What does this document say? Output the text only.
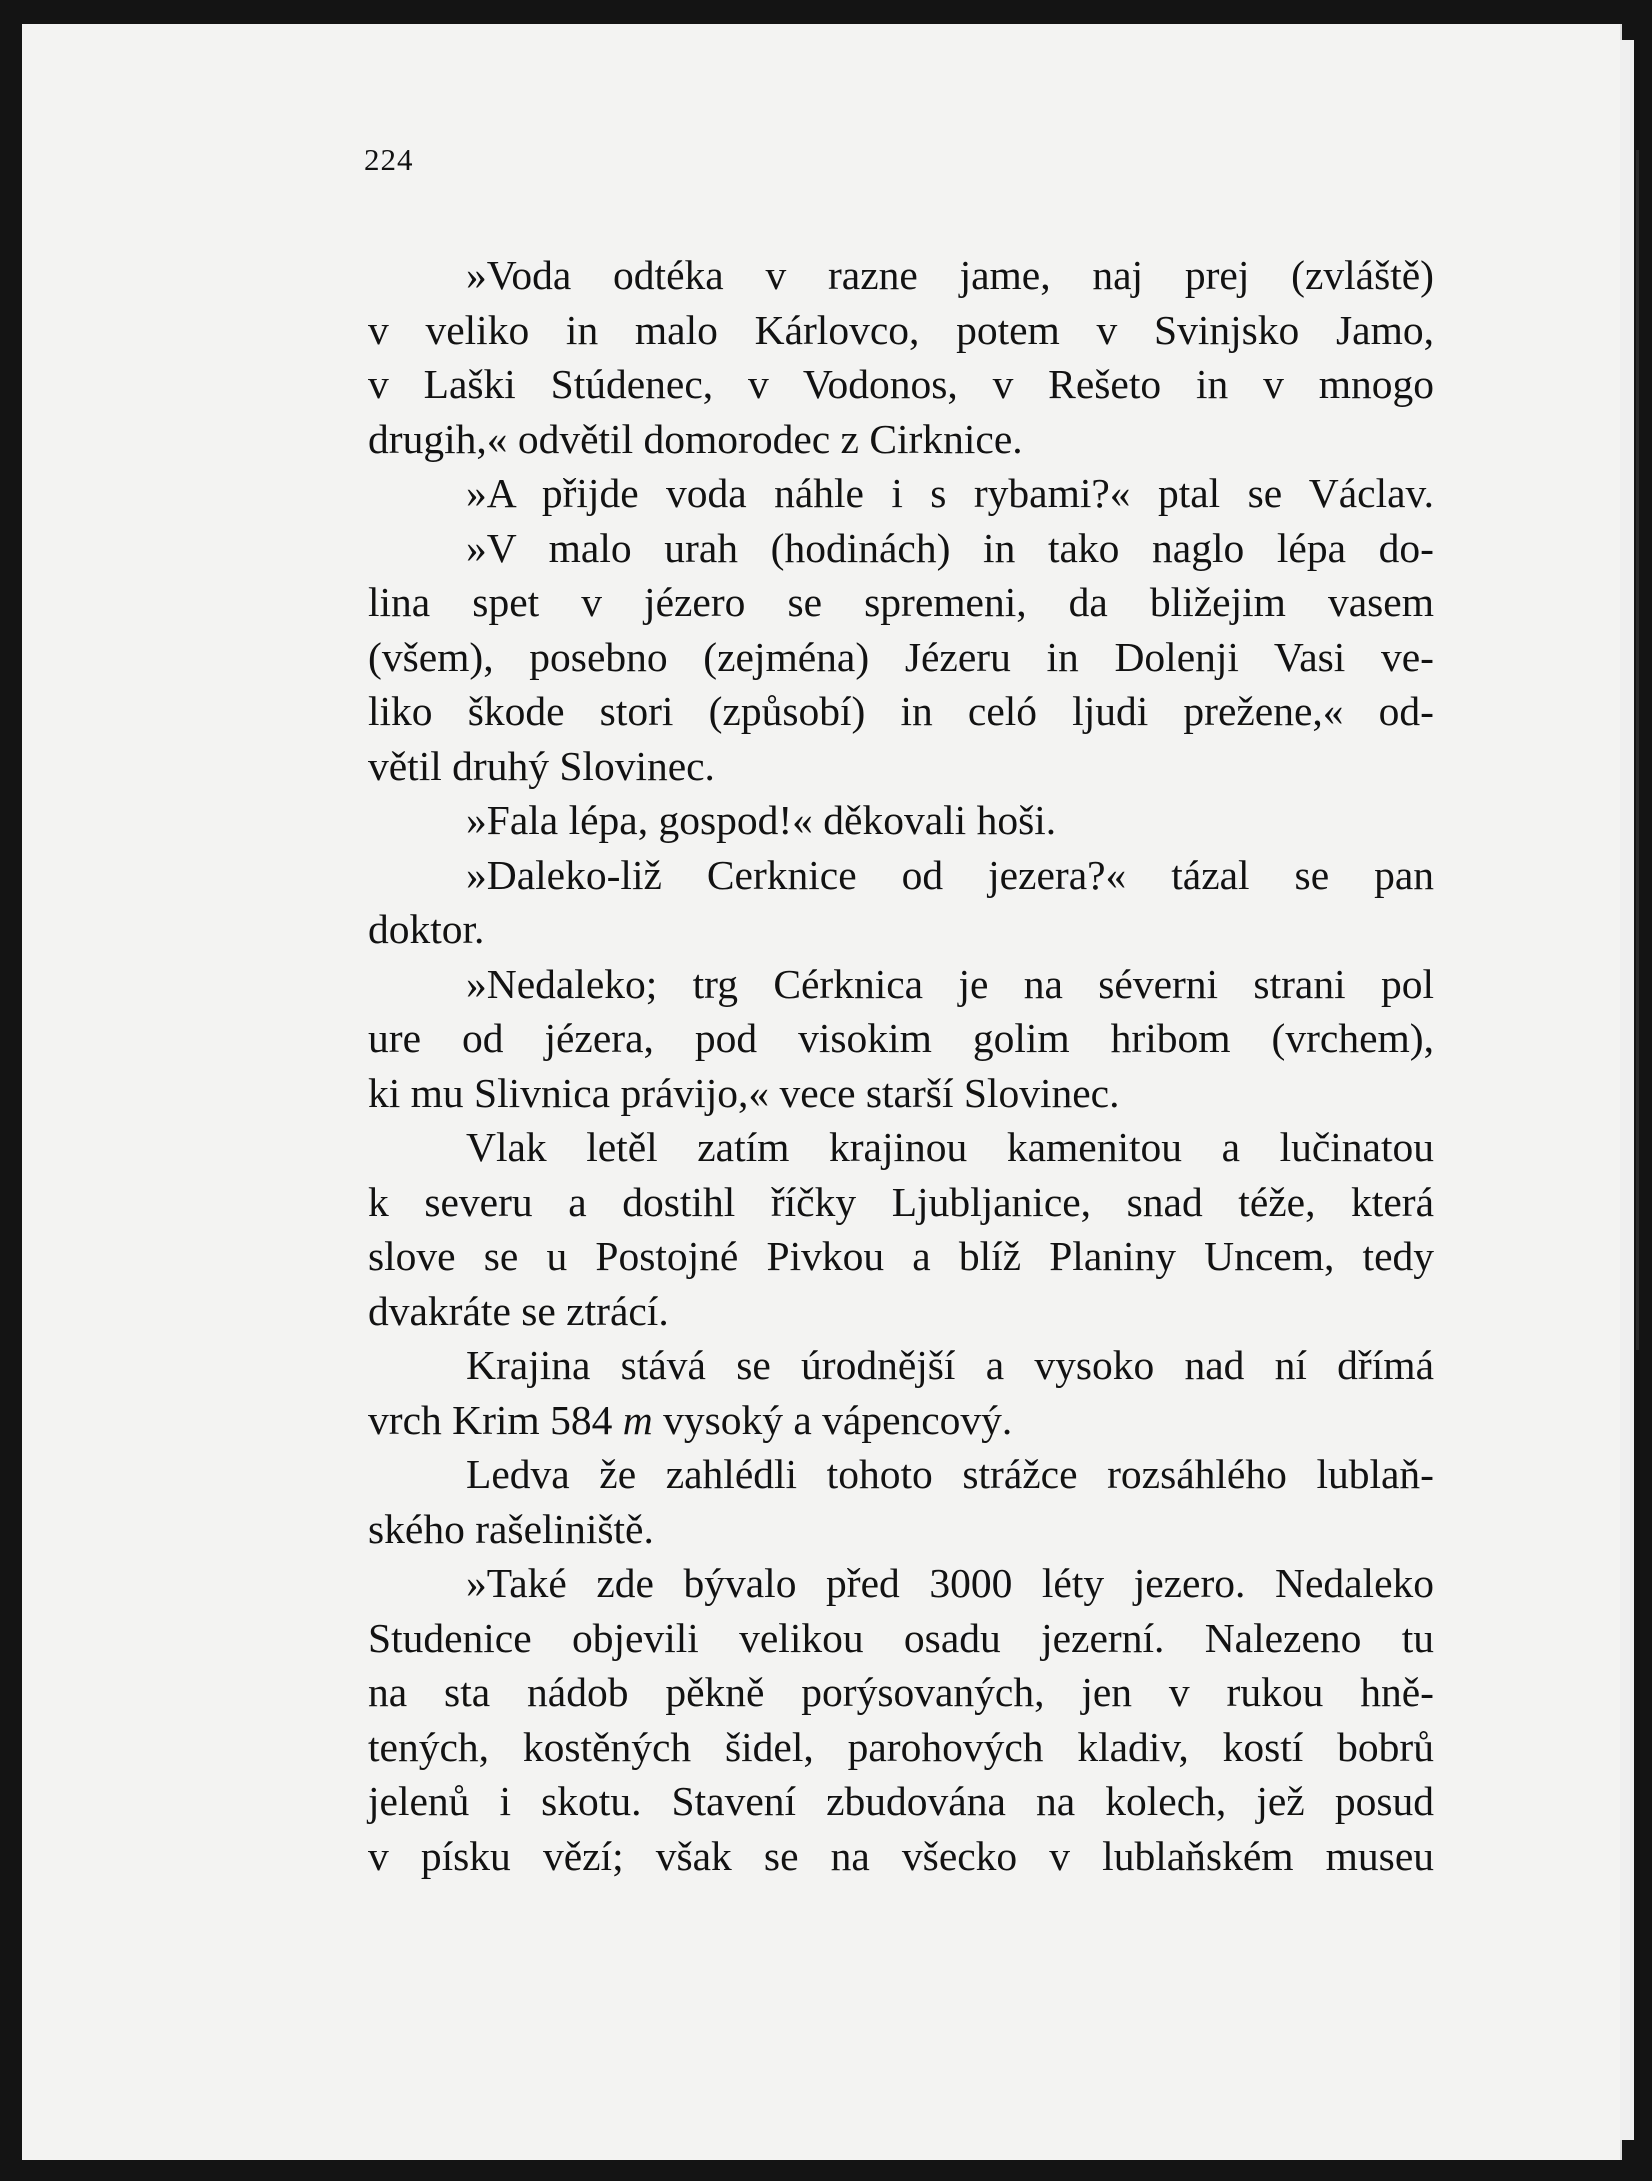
224
»Voda odtéka v razne jame, naj prej (zvláště)
v veliko in malo Kárlovco, potem v Svinjsko Jamo,
v Laški Stúdenec, v Vodonos, v Rešeto in v mnogo
drugih,« odvětil domorodec z Cirknice.
»A přijde voda náhle i s rybami?« ptal se Václav.
»V malo urah (hodinách) in tako naglo lépa do-
lina spet v jézero se spremeni, da bližejim vasem
(všem), posebno (zejména) Jézeru in Dolenji Vasi ve-
liko škode stori (způsobí) in celó ljudi prežene,« od-
větil druhý Slovinec.
»Fala lépa, gospod!« děkovali hoši.
»Daleko-liž Cerknice od jezera?« tázal se pan
doktor.
»Nedaleko; trg Cérknica je na séverni strani pol
ure od jézera, pod visokim golim hribom (vrchem),
ki mu Slivnica právijo,« vece starší Slovinec.
Vlak letěl zatím krajinou kamenitou a lučinatou
k severu a dostihl říčky Ljubljanice, snad téže, která
slove se u Postojné Pivkou a blíž Planiny Uncem, tedy
dvakráte se ztrácí.
Krajina stává se úrodnější a vysoko nad ní dřímá
vrch Krim 584 m vysoký a vápencový.
Ledva že zahlédli tohoto strážce rozsáhlého lublaň-
ského rašeliniště.
»Také zde bývalo před 3000 léty jezero. Nedaleko
Studenice objevili velikou osadu jezerní. Nalezeno tu
na sta nádob pěkně porýsovaných, jen v rukou hně-
tených, kostěných šidel, parohových kladiv, kostí bobrů
jelenů i skotu. Stavení zbudována na kolech, jež posud
v písku vězí; však se na všecko v lublaňském museu
